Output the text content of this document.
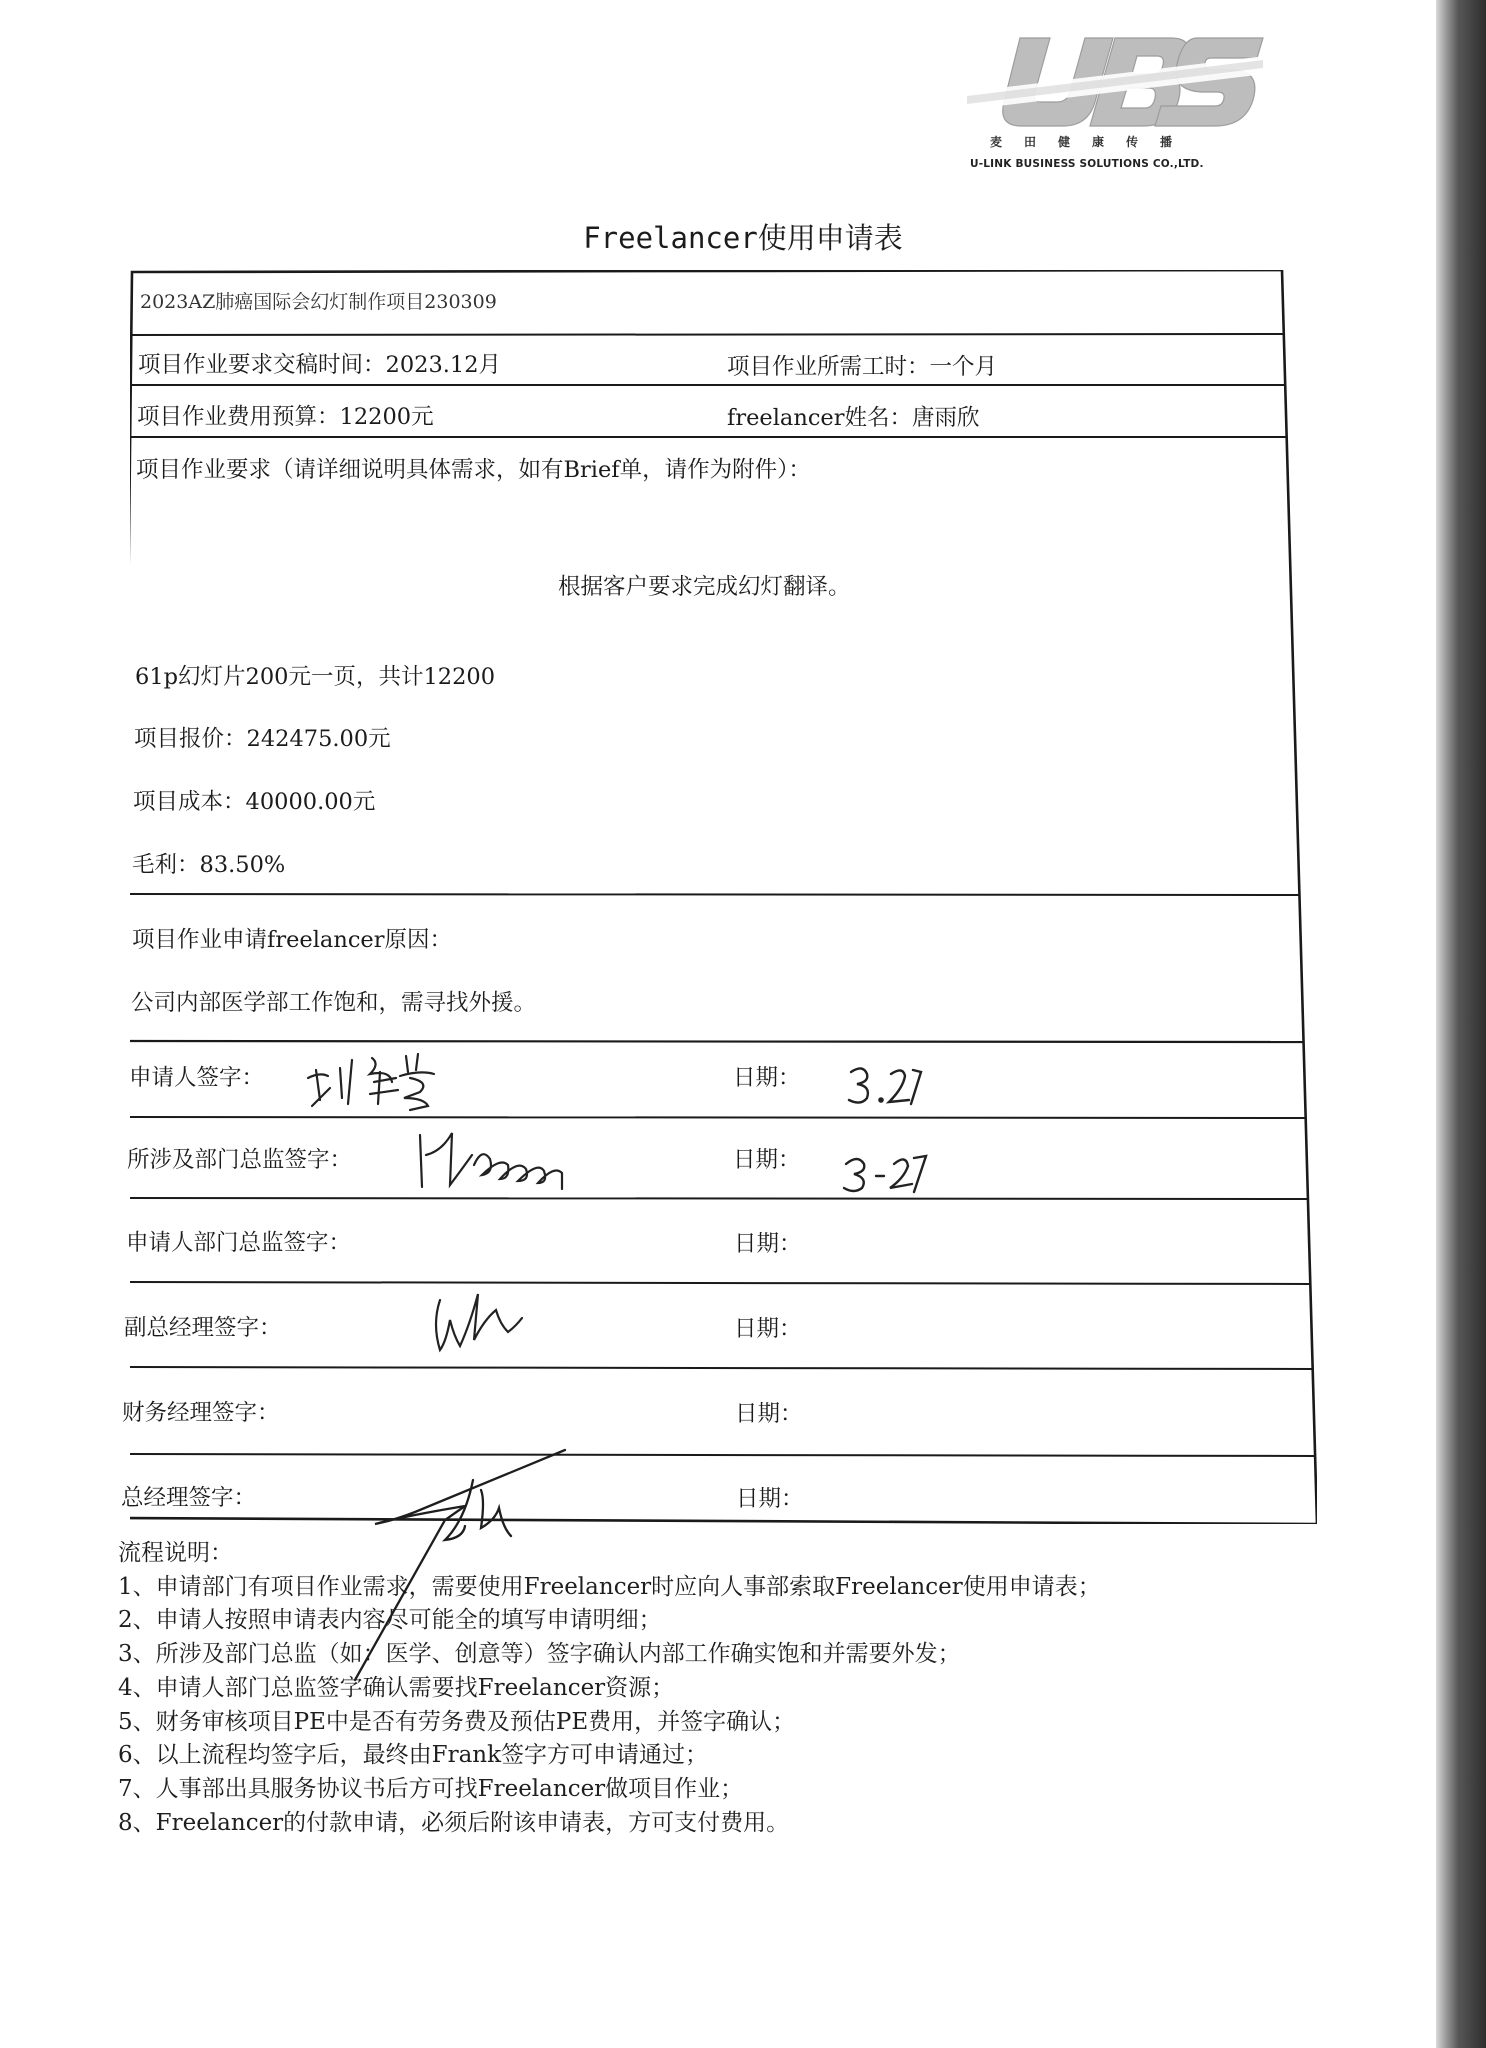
麦田健康传播
U-LINK BUSINESS SOLUTIONS CO.,LTD.
Freelancer使用申请表
2023AZ肺癌国际会幻灯制作项目230309
项目作业要求交稿时间：2023.12月	项目作业所需工时：一个月
项目作业费用预算：12200元	freelancer姓名：唐雨欣
项目作业要求（请详细说明具体需求，如有Brief单，请作为附件）：
根据客户要求完成幻灯翻译。
61p幻灯片200元一页，共计12200
项目报价：242475.00元
项目成本：40000.00元
毛利：83.50%
项目作业申请freelancer原因：
公司内部医学部工作饱和，需寻找外援。
申请人签字：	日期：
所涉及部门总监签字：	日期：
申请人部门总监签字：	日期：
副总经理签字：	日期：
财务经理签字：	日期：
总经理签字：	日期：
流程说明：
1、申请部门有项目作业需求，需要使用Freelancer时应向人事部索取Freelancer使用申请表；
2、申请人按照申请表内容尽可能全的填写申请明细；
3、所涉及部门总监（如：医学、创意等）签字确认内部工作确实饱和并需要外发；
4、申请人部门总监签字确认需要找Freelancer资源；
5、财务审核项目PE中是否有劳务费及预估PE费用，并签字确认；
6、以上流程均签字后，最终由Frank签字方可申请通过；
7、人事部出具服务协议书后方可找Freelancer做项目作业；
8、Freelancer的付款申请，必须后附该申请表，方可支付费用。
